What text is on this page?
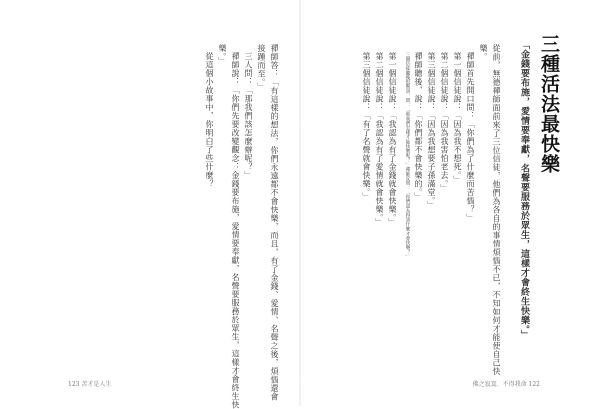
三種活法最快樂
「金錢要布施，愛情要奉獻，名聲要服務於眾生，這樣才會終生快樂。」
從前，無德禪師面前來了三位信徒，他們為各自的事情煩惱不已，不知如何才能使自己快
樂。
禪師首先開口問：「你們為了什麼而苦惱？」
第一個信徒說：「因為我不想死。」
第二個信徒說：「因為我害怕老去。」
第三個信徒說：「因為我想要子孫滿堂。」
禪師聽後，說：「你們都不會快樂的。」
三個信徒聽後很驚訝，問：「那我們怎樣才能快樂呢？」禪師反問：「你們認為得到什麼才會快樂？」
第一個信徒說：「我認為有了金錢就會快樂。」
第二個信徒說：「我認為有了愛情就會快樂。」
第三個信徒說：「有了名聲就會快樂。」
禪師答：「有這樣的想法，你們永遠都不會快樂，而且，有了金錢、愛情、名聲之後，煩惱還會
接踵而至。」
三人問：「那我們該怎麼辦呢？」
禪師說：「你們先要改變觀念：金錢要布施，愛情要奉獻，名聲要服務於眾生，這樣才會終生快
樂。」
從這個小故事中，你明白了些什麼？
123 苦才是人生	佛之寂寞．不得我命 122
